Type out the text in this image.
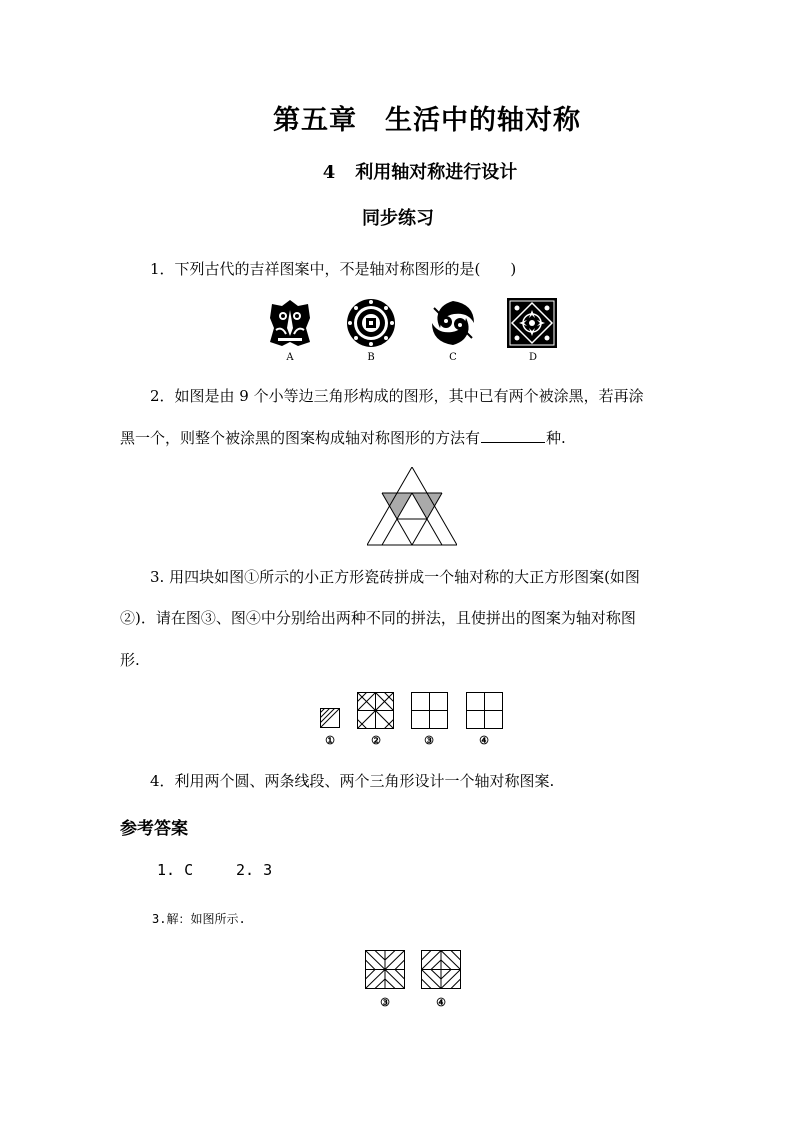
第五章　生活中的轴对称
4 利用轴对称进行设计
同步练习
1．下列古代的吉祥图案中，不是轴对称图形的是(　　)
A	B	C	D
2．如图是由 9 个小等边三角形构成的图形，其中已有两个被涂黑，若再涂
黑一个，则整个被涂黑的图案构成轴对称图形的方法有	种.
3. 用四块如图①所示的小正方形瓷砖拼成一个轴对称的大正方形图案(如图
②)．请在图③、图④中分别给出两种不同的拼法，且使拼出的图案为轴对称图
形.
①	②	③	④
4．利用两个圆、两条线段、两个三角形设计一个轴对称图案.
参考答案
1. C	2. 3
3.解：如图所示.
③	④
